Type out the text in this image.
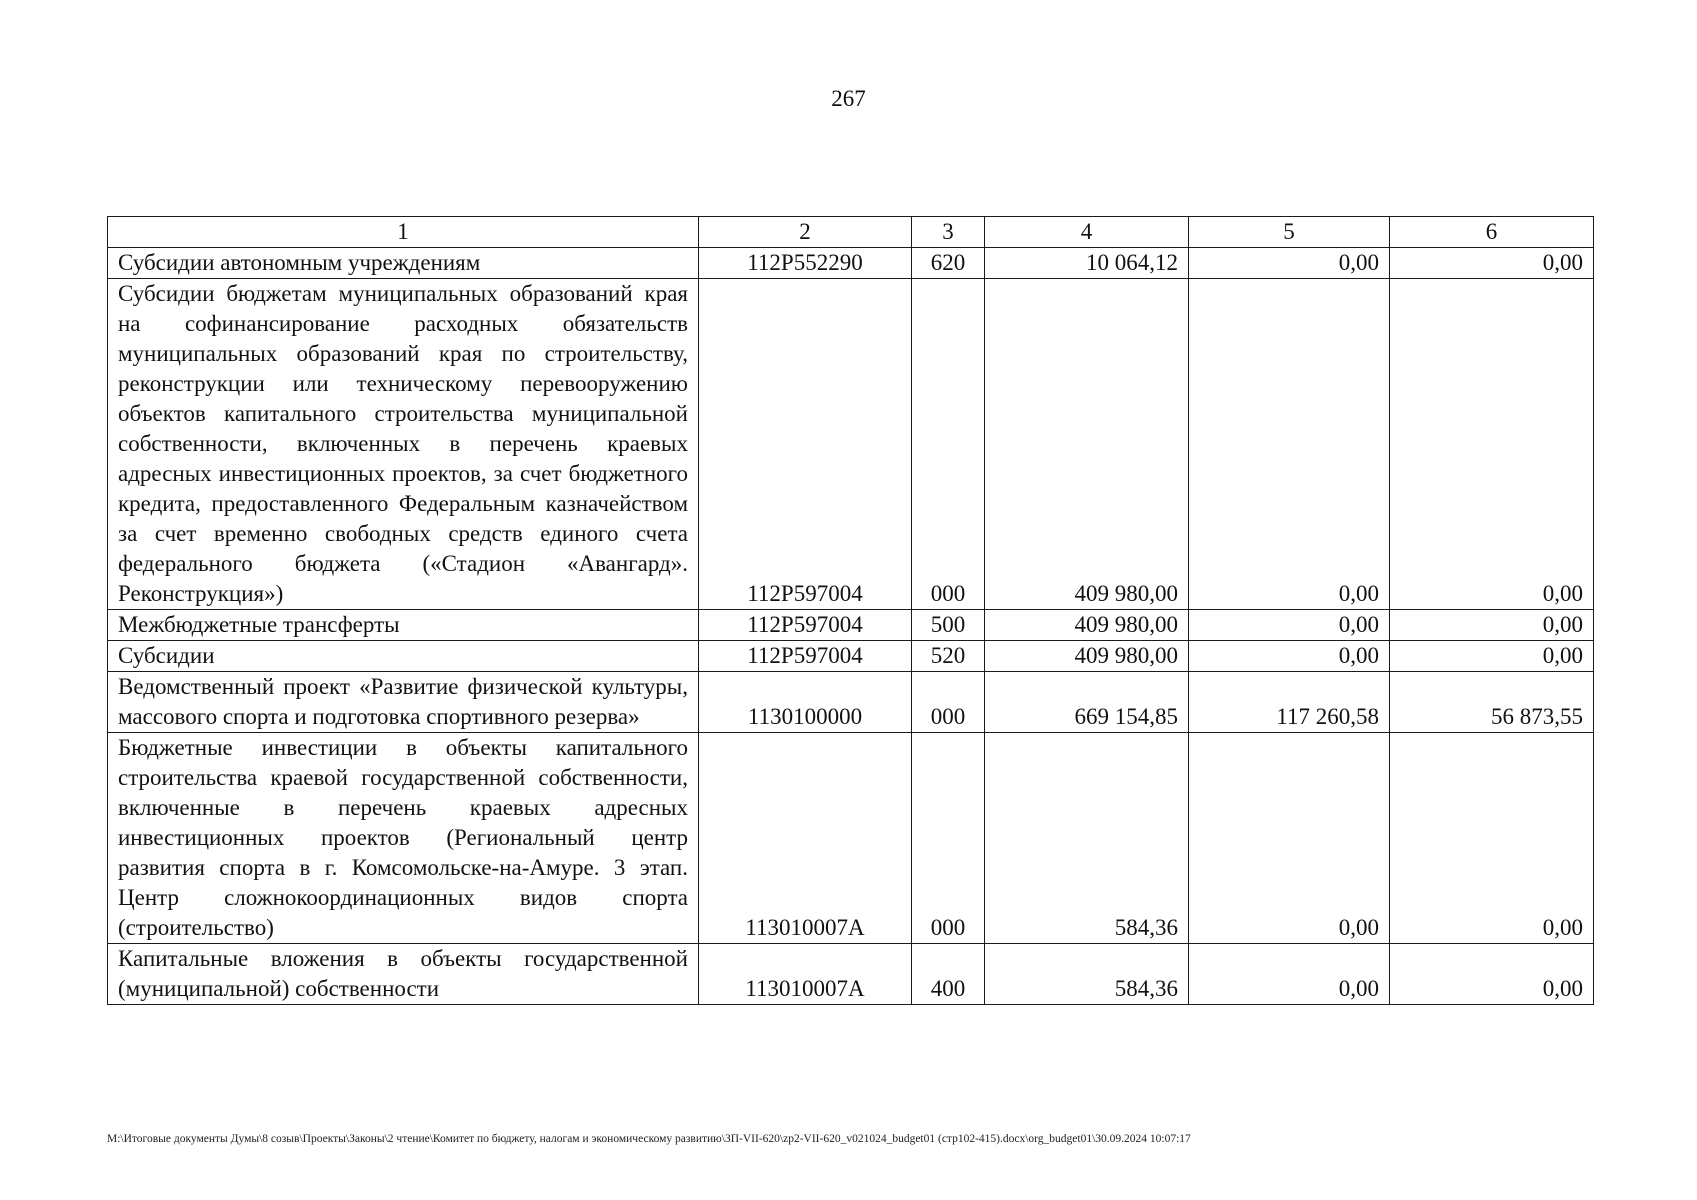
267
1	2	3	4	5	6
Субсидии автономным учреждениям	112P552290	620	10 064,12	0,00	0,00
Субсидии бюджетам муниципальных образований края на софинансирование расходных обязательств муниципальных образований края по строительству, реконструкции или техническому перевооружению объектов капитального строительства муниципальной собственности, включенных в перечень краевых адресных инвестиционных проектов, за счет бюджетного кредита, предоставленного Федеральным казначейством за счет временно свободных средств единого счета федерального бюджета («Стадион «Авангард». Реконструкция»)	112P597004	000	409 980,00	0,00	0,00
Межбюджетные трансферты	112P597004	500	409 980,00	0,00	0,00
Субсидии	112P597004	520	409 980,00	0,00	0,00
Ведомственный проект «Развитие физической культуры, массового спорта и подготовка спортивного резерва»	1130100000	000	669 154,85	117 260,58	56 873,55
Бюджетные инвестиции в объекты капитального строительства краевой государственной собственности, включенные в перечень краевых адресных инвестиционных проектов (Региональный центр развития спорта в г. Комсомольске-на-Амуре. 3 этап. Центр сложнокоординационных видов спорта (строительство)	113010007A	000	584,36	0,00	0,00
Капитальные вложения в объекты государственной (муниципальной) собственности	113010007A	400	584,36	0,00	0,00
М:\Итоговые документы Думы\8 созыв\Проекты\Законы\2 чтение\Комитет по бюджету, налогам и экономическому развитию\ЗП-VII-620\zp2-VII-620_v021024_budget01 (стр102-415).docx\org_budget01\30.09.2024 10:07:17
